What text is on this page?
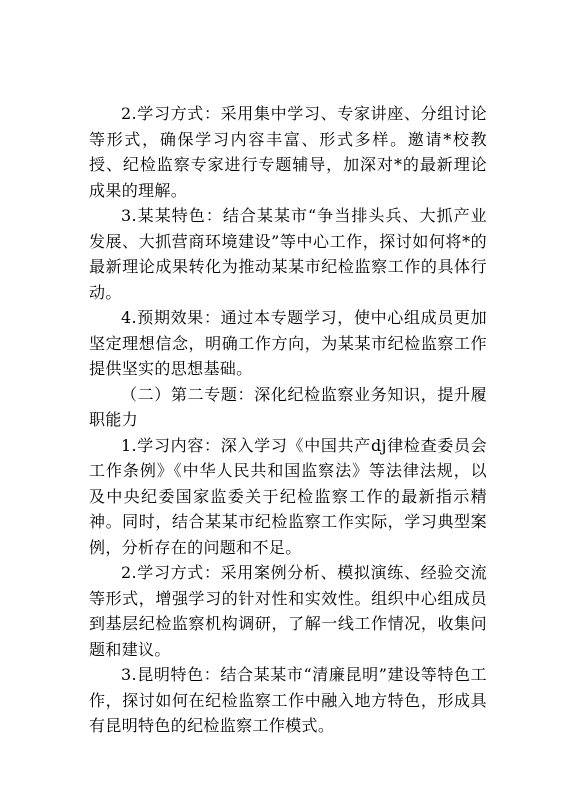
2.学习方式：采用集中学习、专家讲座、分组讨论等形式，确保学习内容丰富、形式多样。邀请*校教授、纪检监察专家进行专题辅导，加深对*的最新理论成果的理解。

3.某某特色：结合某某市“争当排头兵、大抓产业发展、大抓营商环境建设”等中心工作，探讨如何将*的最新理论成果转化为推动某某市纪检监察工作的具体行动。

4.预期效果：通过本专题学习，使中心组成员更加坚定理想信念，明确工作方向，为某某市纪检监察工作提供坚实的思想基础。

（二）第二专题：深化纪检监察业务知识，提升履职能力

1.学习内容：深入学习《中国共产dj律检查委员会工作条例》《中华人民共和国监察法》等法律法规，以及中央纪委国家监委关于纪检监察工作的最新指示精神。同时，结合某某市纪检监察工作实际，学习典型案例，分析存在的问题和不足。

2.学习方式：采用案例分析、模拟演练、经验交流等形式，增强学习的针对性和实效性。组织中心组成员到基层纪检监察机构调研，了解一线工作情况，收集问题和建议。

3.昆明特色：结合某某市“清廉昆明”建设等特色工作，探讨如何在纪检监察工作中融入地方特色，形成具有昆明特色的纪检监察工作模式。
